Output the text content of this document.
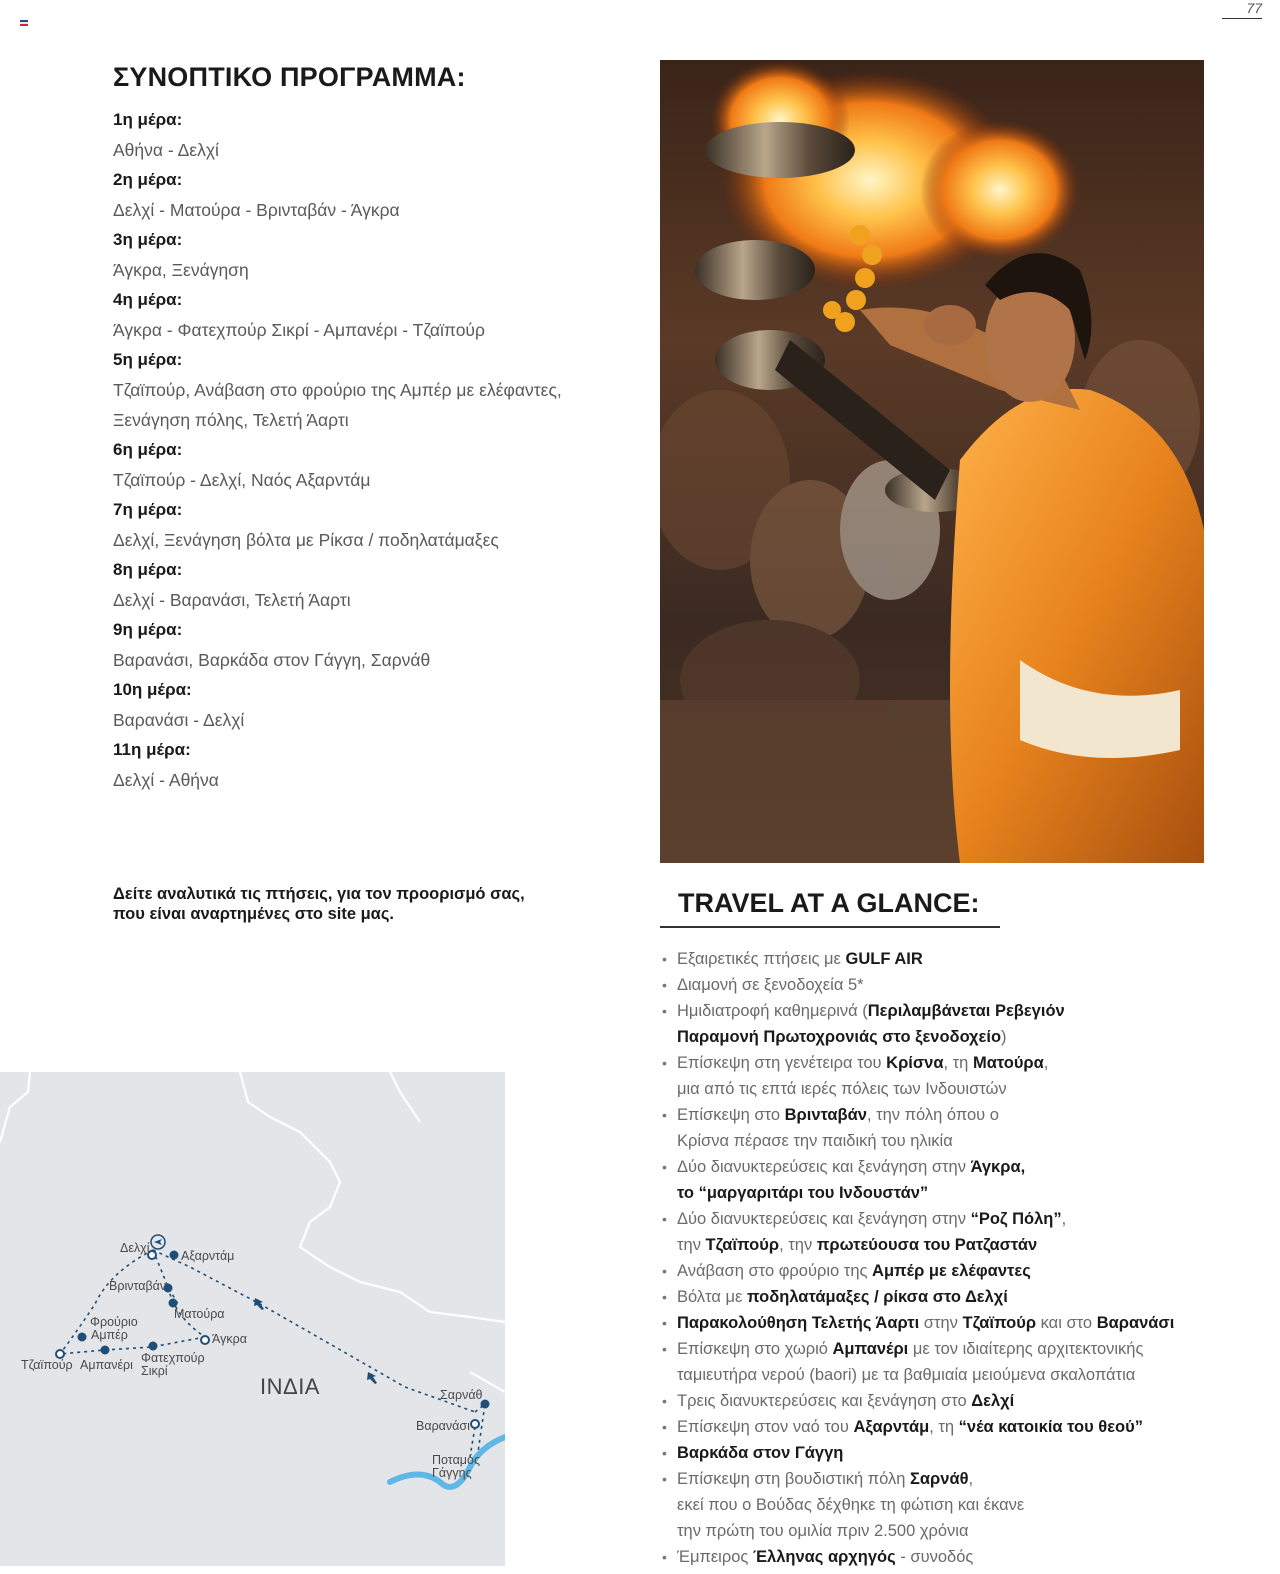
77
ΣΥΝΟΠΤΙΚΟ ΠΡΟΓΡΑΜΜΑ:
1η μέρα:
Αθήνα - Δελχί
2η μέρα:
Δελχί - Ματούρα - Βρινταβάν - Άγκρα
3η μέρα:
Άγκρα, Ξενάγηση
4η μέρα:
Άγκρα - Φατεχπούρ Σικρί - Αμπανέρι - Τζαϊπούρ
5η μέρα:
Τζαϊπούρ, Ανάβαση στο φρούριο της Αμπέρ με ελέφαντες,
Ξενάγηση πόλης, Τελετή Άαρτι
6η μέρα:
Τζαϊπούρ - Δελχί, Ναός Αξαρντάμ
7η μέρα:
Δελχί, Ξενάγηση βόλτα με Ρίκσα / ποδηλατάμαξες
8η μέρα:
Δελχί - Βαρανάσι, Τελετή Άαρτι
9η μέρα:
Βαρανάσι, Βαρκάδα στον Γάγγη, Σαρνάθ
10η μέρα:
Βαρανάσι - Δελχί
11η μέρα:
Δελχί - Αθήνα

Δείτε αναλυτικά τις πτήσεις, για τον προορισμό σας,
που είναι αναρτημένες στο site μας.	TRAVEL AT A GLANCE:
• Εξαιρετικές πτήσεις με GULF AIR
• Διαμονή σε ξενοδοχεία 5*
• Ημιδιατροφή καθημερινά (Περιλαμβάνεται Ρεβεγιόν
Παραμονή Πρωτοχρονιάς στο ξενοδοχείο)
• Επίσκεψη στη γενέτειρα του Κρίσνα, τη Ματούρα,
μια από τις επτά ιερές πόλεις των Ινδουιστών
• Επίσκεψη στο Βρινταβάν, την πόλη όπου ο
Κρίσνα πέρασε την παιδική του ηλικία
• Δύο διανυκτερεύσεις και ξενάγηση στην Άγκρα,
το “μαργαριτάρι του Ινδουστάν”
• Δύο διανυκτερεύσεις και ξενάγηση στην “Ροζ Πόλη”,
την Τζαϊπούρ, την πρωτεύουσα του Ρατζαστάν
• Ανάβαση στο φρούριο της Αμπέρ με ελέφαντες
• Βόλτα με ποδηλατάμαξες / ρίκσα στο Δελχί
• Παρακολούθηση Τελετής Άαρτι στην Τζαϊπούρ και στο Βαρανάσι
• Επίσκεψη στο χωριό Αμπανέρι με τον ιδιαίτερης αρχιτεκτονικής
ταμιευτήρα νερού (baori) με τα βαθμιαία μειούμενα σκαλοπάτια
• Τρεις διανυκτερεύσεις και ξενάγηση στο Δελχί
• Επίσκεψη στον ναό του Αξαρντάμ, τη “νέα κατοικία του θεού”
• Βαρκάδα στον Γάγγη
• Επίσκεψη στη βουδιστική πόλη Σαρνάθ,
εκεί που ο Βούδας δέχθηκε τη φώτιση και έκανε
την πρώτη του ομιλία πριν 2.500 χρόνια
• Έμπειρος Έλληνας αρχηγός - συνοδός
Δελχί
Αξαρντάμ
Βρινταβάν
Ματούρα
Φρούριο
Αμπέρ	Άγκρα
Τζαϊπούρ Αμπανέρι Φατεχπούρ
Σικρί
ΙΝΔΙΑ	Σαρνάθ
Βαρανάσι
Ποταμός
Γάγγης
